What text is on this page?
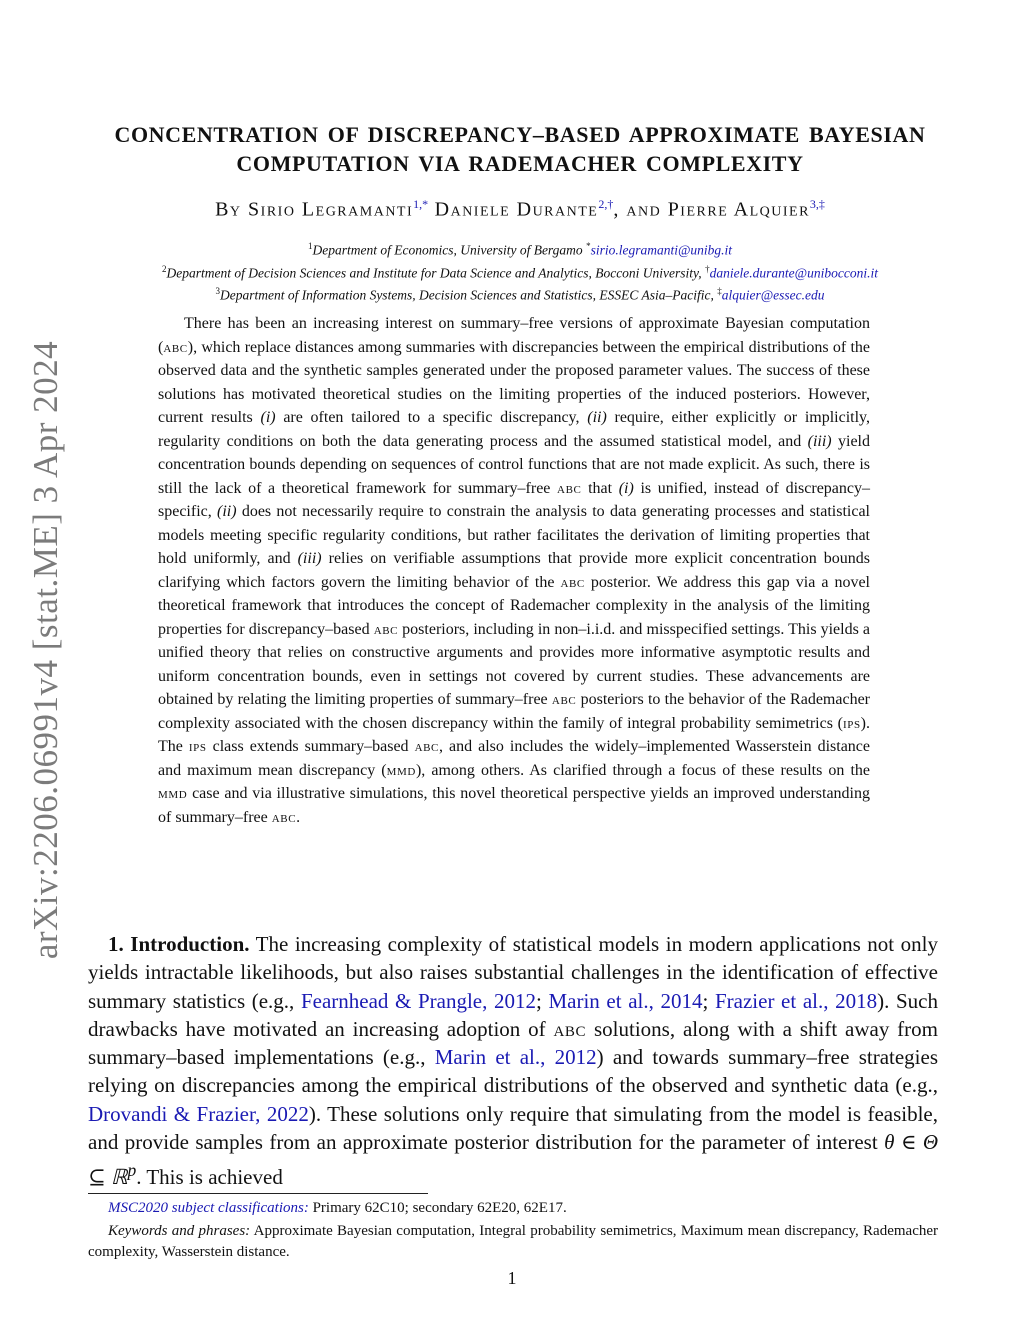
arXiv:2206.06991v4 [stat.ME] 3 Apr 2024
CONCENTRATION OF DISCREPANCY–BASED APPROXIMATE BAYESIAN
COMPUTATION VIA RADEMACHER COMPLEXITY
By Sirio Legramanti$^{1,*}$ Daniele Durante$^{2,\dagger}$, and Pierre Alquier$^{3,\ddagger}$
$^1$Department of Economics, University of Bergamo *sirio.legramanti@unibg.it
$^2$Department of Decision Sciences and Institute for Data Science and Analytics, Bocconi University, †daniele.durante@unibocconi.it
$^3$Department of Information Systems, Decision Sciences and Statistics, ESSEC Asia–Pacific, ‡alquier@essec.edu

There has been an increasing interest on summary–free versions of approximate Bayesian computation (abc), which replace distances among summaries with discrepancies between the empirical distributions of the observed data and the synthetic samples generated under the proposed parameter values. The success of these solutions has motivated theoretical studies on the limiting properties of the induced posteriors. However, current results (i) are often tailored to a specific discrepancy, (ii) require, either explicitly or implicitly, regularity conditions on both the data generating process and the assumed statistical model, and (iii) yield concentration bounds depending on sequences of control functions that are not made explicit. As such, there is still the lack of a theoretical framework for summary–free abc that (i) is unified, instead of discrepancy–specific, (ii) does not necessarily require to constrain the analysis to data generating processes and statistical models meeting specific regularity conditions, but rather facilitates the derivation of limiting properties that hold uniformly, and (iii) relies on verifiable assumptions that provide more explicit concentration bounds clarifying which factors govern the limiting behavior of the abc posterior. We address this gap via a novel theoretical framework that introduces the concept of Rademacher complexity in the analysis of the limiting properties for discrepancy–based abc posteriors, including in non–i.i.d. and misspecified settings. This yields a unified theory that relies on constructive arguments and provides more informative asymptotic results and uniform concentration bounds, even in settings not covered by current studies. These advancements are obtained by relating the limiting properties of summary–free abc posteriors to the behavior of the Rademacher complexity associated with the chosen discrepancy within the family of integral probability semimetrics (ips). The ips class extends summary–based abc, and also includes the widely–implemented Wasserstein distance and maximum mean discrepancy (mmd), among others. As clarified through a focus of these results on the mmd case and via illustrative simulations, this novel theoretical perspective yields an improved understanding of summary–free abc.

1. Introduction. The increasing complexity of statistical models in modern applications not only yields intractable likelihoods, but also raises substantial challenges in the identification of effective summary statistics (e.g., Fearnhead & Prangle, 2012; Marin et al., 2014; Frazier et al., 2018). Such drawbacks have motivated an increasing adoption of abc solutions, along with a shift away from summary–based implementations (e.g., Marin et al., 2012) and towards summary–free strategies relying on discrepancies among the empirical distributions of the observed and synthetic data (e.g., Drovandi & Frazier, 2022). These solutions only require that simulating from the model is feasible, and provide samples from an approximate posterior distribution for the parameter of interest θ ∈ Θ ⊆ ℝ$^p$. This is achieved

MSC2020 subject classifications: Primary 62C10; secondary 62E20, 62E17.

Keywords and phrases: Approximate Bayesian computation, Integral probability semimetrics, Maximum mean discrepancy, Rademacher complexity, Wasserstein distance.

1
